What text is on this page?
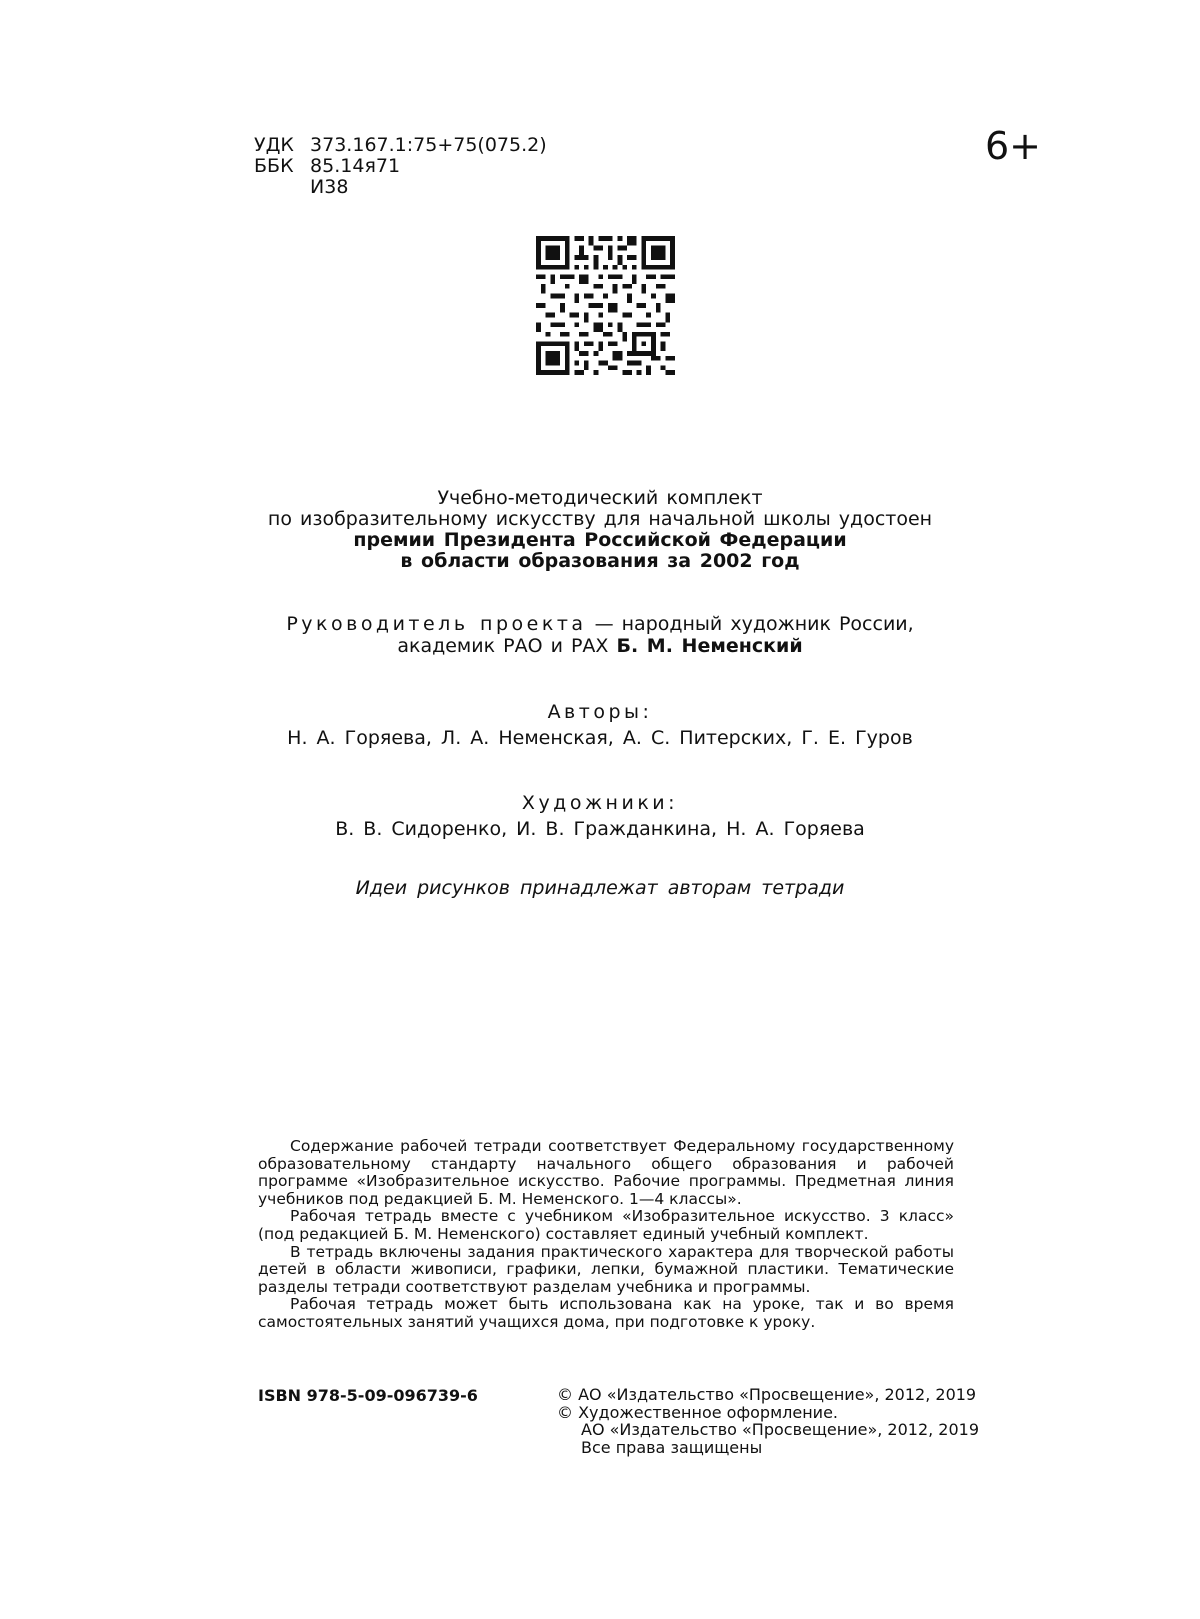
УДК 373.167.1:75+75(075.2)
ББК 85.14я71
И38
6+
Учебно-методический комплект
по изобразительному искусству для начальной школы удостоен
премии Президента Российской Федерации
в области образования за 2002 год
Руководитель проекта — народный художник России,
академик РАО и РАХ Б. М. Неменский
Авторы:
Н. А. Горяева, Л. А. Неменская, А. С. Питерских, Г. Е. Гуров
Художники:
В. В. Сидоренко, И. В. Гражданкина, Н. А. Горяева
Идеи рисунков принадлежат авторам тетради

Содержание рабочей тетради соответствует Федеральному государственному образовательному стандарту начального общего образования и рабочей программе «Изобразительное искусство. Рабочие программы. Предметная линия учебников под редакцией Б. М. Неменского. 1—4 классы».

Рабочая тетрадь вместе с учебником «Изобразительное искусство. 3 класс» (под редакцией Б. М. Неменского) составляет единый учебный комплект.

В тетрадь включены задания практического характера для творческой работы детей в области живописи, графики, лепки, бумажной пластики. Тематические разделы тетради соответствуют разделам учебника и программы.

Рабочая тетрадь может быть использована как на уроке, так и во время самостоятельных занятий учащихся дома, при подготовке к уроку.

ISBN 978-5-09-096739-6	© АО «Издательство «Просвещение», 2012, 2019
© Художественное оформление.
АО «Издательство «Просвещение», 2012, 2019
Все права защищены
